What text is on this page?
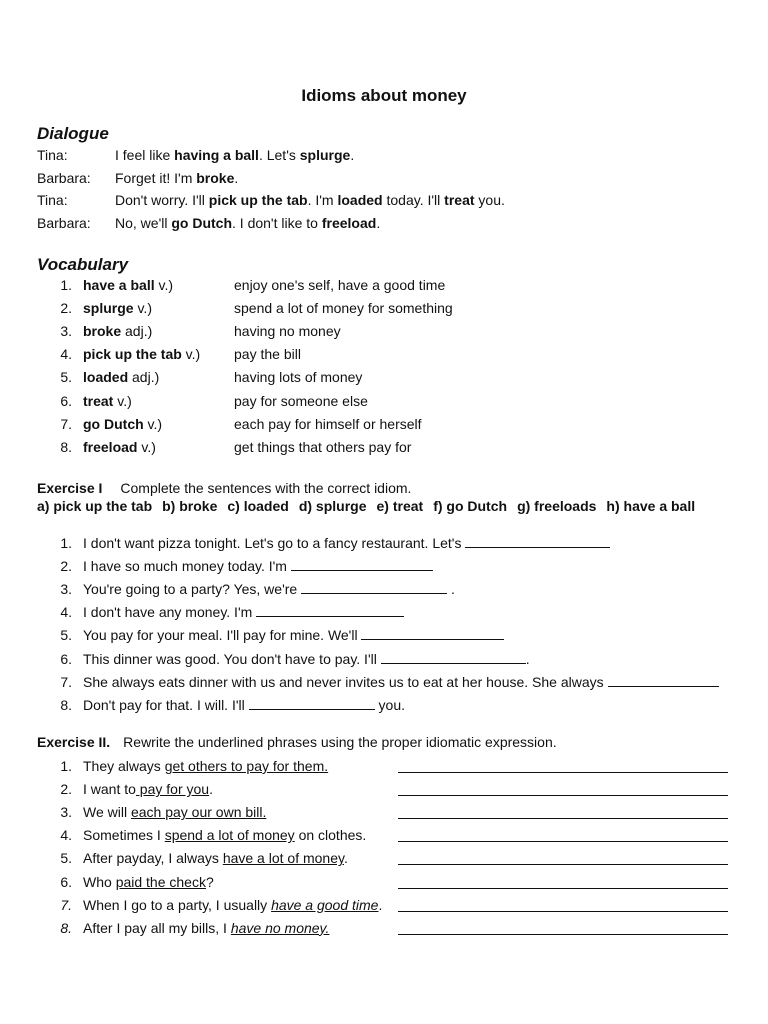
Idioms about money
Dialogue
Tina:	I feel like having a ball. Let's splurge.
Barbara: Forget it! I'm broke.
Tina:	Don't worry. I'll pick up the tab. I'm loaded today. I'll treat you.
Barbara: No, we'll go Dutch. I don't like to freeload.
Vocabulary
1. have a ball v.)	enjoy one's self, have a good time
2. splurge v.)	spend a lot of money for something
3. broke adj.)	having no money
4. pick up the tab v.) pay the bill
5. loaded adj.)	having lots of money
6. treat v.)	pay for someone else
7. go Dutch v.)	each pay for himself or herself
8. freeload v.)	get things that others pay for
Exercise I Complete the sentences with the correct idiom.
a) pick up the tab b) broke c) loaded d) splurge e) treat f) go Dutch g) freeloads h) have a ball
1. I don't want pizza tonight. Let's go to a fancy restaurant. Let's
2. I have so much money today. I'm
3. You're going to a party? Yes, we're	.
4. I don't have any money. I'm
5. You pay for your meal. I'll pay for mine. We'll
6. This dinner was good. You don't have to pay. I'll	.
7. She always eats dinner with us and never invites us to eat at her house. She always
8. Don't pay for that. I will. I'll	you.
Exercise II. Rewrite the underlined phrases using the proper idiomatic expression.
1. They always get others to pay for them.
2. I want to pay for you.
3. We will each pay our own bill.
4. Sometimes I spend a lot of money on clothes.
5. After payday, I always have a lot of money.
6. Who paid the check?
7. When I go to a party, I usually have a good time.
8. After I pay all my bills, I have no money.
